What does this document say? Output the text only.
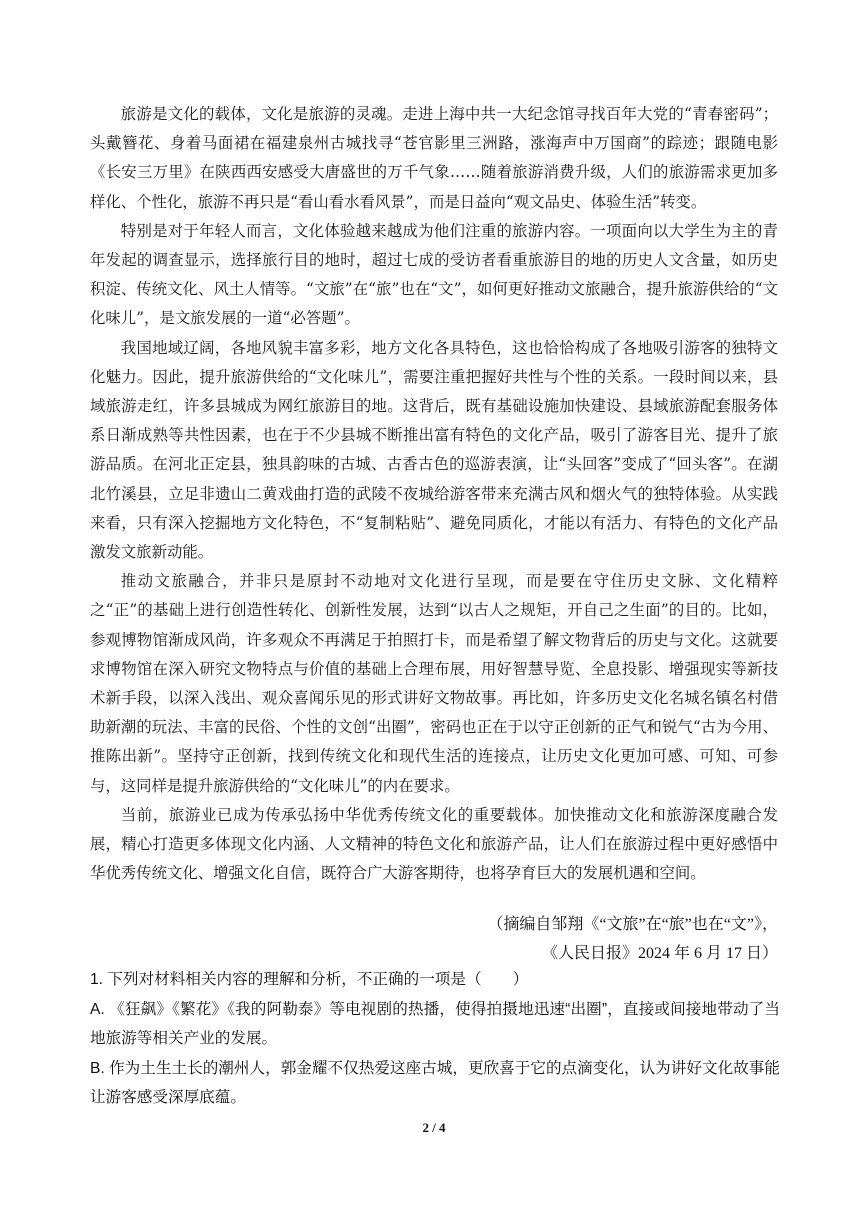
旅游是文化的载体，文化是旅游的灵魂。走进上海中共一大纪念馆寻找百年大党的“青春密码”；头戴簪花、身着马面裙在福建泉州古城找寻“苍官影里三洲路，涨海声中万国商”的踪迹；跟随电影《长安三万里》在陕西西安感受大唐盛世的万千气象……随着旅游消费升级，人们的旅游需求更加多样化、个性化，旅游不再只是“看山看水看风景”，而是日益向“观文品史、体验生活”转变。

特别是对于年轻人而言，文化体验越来越成为他们注重的旅游内容。一项面向以大学生为主的青年发起的调查显示，选择旅行目的地时，超过七成的受访者看重旅游目的地的历史人文含量，如历史积淀、传统文化、风土人情等。“文旅”在“旅”也在“文”，如何更好推动文旅融合，提升旅游供给的“文化味儿”，是文旅发展的一道“必答题”。

我国地域辽阔，各地风貌丰富多彩，地方文化各具特色，这也恰恰构成了各地吸引游客的独特文化魅力。因此，提升旅游供给的“文化味儿”，需要注重把握好共性与个性的关系。一段时间以来，县域旅游走红，许多县城成为网红旅游目的地。这背后，既有基础设施加快建设、县域旅游配套服务体系日渐成熟等共性因素，也在于不少县城不断推出富有特色的文化产品，吸引了游客目光、提升了旅游品质。在河北正定县，独具韵味的古城、古香古色的巡游表演，让“头回客”变成了“回头客”。在湖北竹溪县，立足非遗山二黄戏曲打造的武陵不夜城给游客带来充满古风和烟火气的独特体验。从实践来看，只有深入挖掘地方文化特色，不“复制粘贴”、避免同质化，才能以有活力、有特色的文化产品激发文旅新动能。

推动文旅融合，并非只是原封不动地对文化进行呈现，而是要在守住历史文脉、文化精粹之“正”的基础上进行创造性转化、创新性发展，达到“以古人之规矩，开自己之生面”的目的。比如，参观博物馆渐成风尚，许多观众不再满足于拍照打卡，而是希望了解文物背后的历史与文化。这就要求博物馆在深入研究文物特点与价值的基础上合理布展，用好智慧导览、全息投影、增强现实等新技术新手段，以深入浅出、观众喜闻乐见的形式讲好文物故事。再比如，许多历史文化名城名镇名村借助新潮的玩法、丰富的民俗、个性的文创“出圈”，密码也正在于以守正创新的正气和锐气“古为今用、推陈出新”。坚持守正创新，找到传统文化和现代生活的连接点，让历史文化更加可感、可知、可参与，这同样是提升旅游供给的“文化味儿”的内在要求。

当前，旅游业已成为传承弘扬中华优秀传统文化的重要载体。加快推动文化和旅游深度融合发展，精心打造更多体现文化内涵、人文精神的特色文化和旅游产品，让人们在旅游过程中更好感悟中华优秀传统文化、增强文化自信，既符合广大游客期待，也将孕育巨大的发展机遇和空间。

（摘编自邹翔《“文旅”在“旅”也在“文”》，
《人民日报》2024 年 6 月 17 日）

1. 下列对材料相关内容的理解和分析，不正确的一项是（　　）

A. 《狂飙》《繁花》《我的阿勒泰》等电视剧的热播，使得拍摄地迅速“出圈”，直接或间接地带动了当地旅游等相关产业的发展。

B. 作为土生土长的潮州人，郭金耀不仅热爱这座古城，更欣喜于它的点滴变化，认为讲好文化故事能让游客感受深厚底蕴。

2 / 4
